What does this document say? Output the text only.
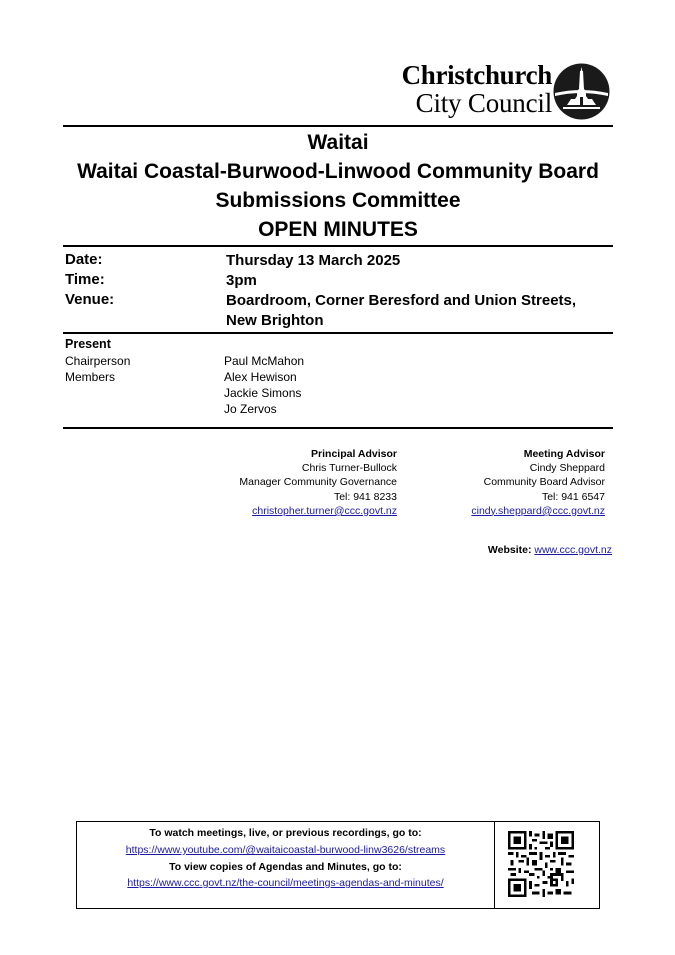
Christchurch
City Council
Waitai
Waitai Coastal-Burwood-Linwood Community Board
Submissions Committee
OPEN MINUTES
Date:	Thursday 13 March 2025
Time:	3pm
Venue:	Boardroom, Corner Beresford and Union Streets,
New Brighton
Present
Chairperson	Paul McMahon
Members	Alex Hewison
Jackie Simons
Jo Zervos
Principal Advisor
Chris Turner-Bullock
Manager Community Governance
Tel: 941 8233
christopher.turner@ccc.govt.nz
Meeting Advisor
Cindy Sheppard
Community Board Advisor
Tel: 941 6547
cindy.sheppard@ccc.govt.nz
Website: www.ccc.govt.nz
To watch meetings, live, or previous recordings, go to:
https://www.youtube.com/@waitaicoastal-burwood-linw3626/streams
To view copies of Agendas and Minutes, go to:
https://www.ccc.govt.nz/the-council/meetings-agendas-and-minutes/
